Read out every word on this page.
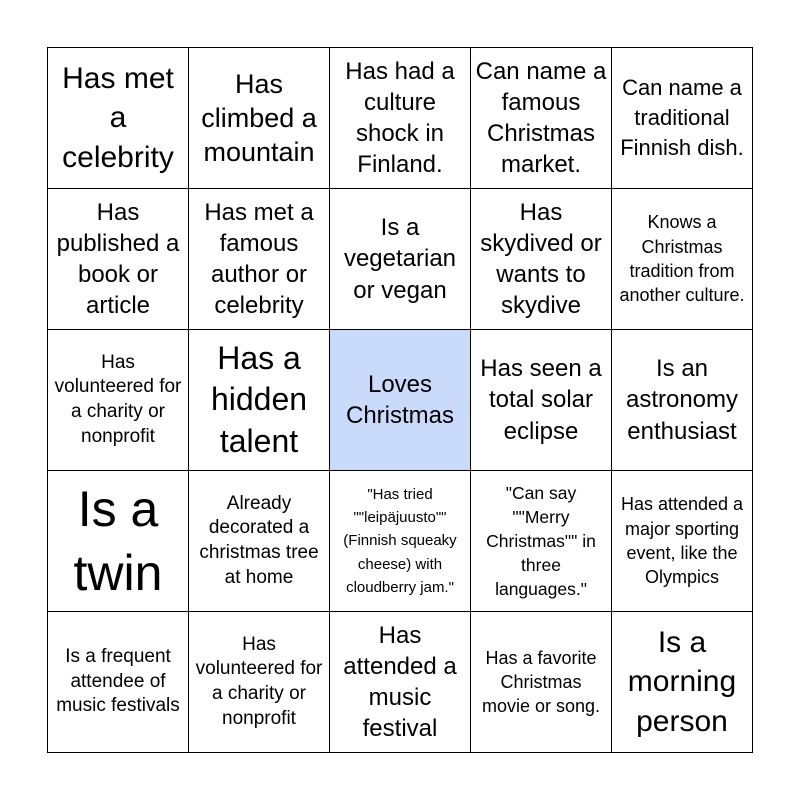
Has met a celebrity
Has climbed a mountain
Has had a culture shock in Finland.
Can name a famous Christmas market.
Can name a traditional Finnish dish.
Has published a book or article
Has met a famous author or celebrity
Is a vegetarian or vegan
Has skydived or wants to skydive
Knows a Christmas tradition from another culture.
Has volunteered for a charity or nonprofit
Has a hidden talent
Loves Christmas
Has seen a total solar eclipse
Is an astronomy enthusiast
Is a twin
Already decorated a christmas tree at home
"Has tried ""leipäjuusto"" (Finnish squeaky cheese) with cloudberry jam."
"Can say ""Merry Christmas"" in three languages."
Has attended a major sporting event, like the Olympics
Is a frequent attendee of music festivals
Has volunteered for a charity or nonprofit
Has attended a music festival
Has a favorite Christmas movie or song.
Is a morning person
